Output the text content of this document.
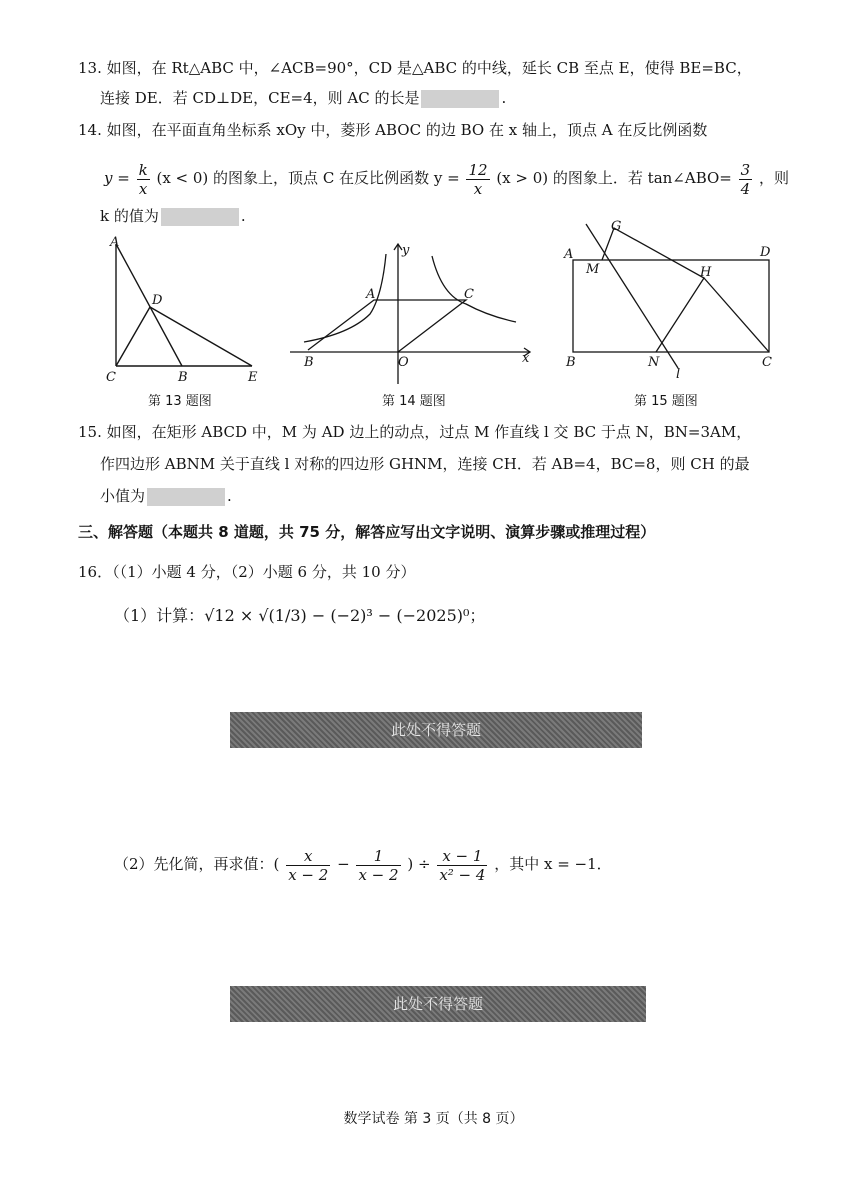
13. 如图，在 Rt△ABC 中，∠ACB=90°，CD 是△ABC 的中线，延长 CB 至点 E，使得 BE=BC，
连接 DE．若 CD⊥DE，CE=4，则 AC 的长是	.
14. 如图，在平面直角坐标系 xOy 中，菱形 ABOC 的边 BO 在 x 轴上，顶点 A 在反比例函数
$y = \frac{k}{x} (x < 0)$ 的图象上，顶点 C 在反比例函数 $y = \frac{12}{x} (x > 0)$ 的图象上．若 tan∠ABO= $\frac{3}{4}$ ，则
k 的值为	.
A
D
C	B	E
第 13 题图
y
A	C
B	O	x
第 14 题图
G
A
M
D
H
B	N
l
C
第 15 题图
15. 如图，在矩形 ABCD 中，M 为 AD 边上的动点，过点 M 作直线 l 交 BC 于点 N，BN=3AM，
作四边形 ABNM 关于直线 l 对称的四边形 GHNM，连接 CH．若 AB=4，BC=8，则 CH 的最
小值为	.
三、解答题（本题共 8 道题，共 75 分，解答应写出文字说明、演算步骤或推理过程）
16．（（1）小题 4 分，（2）小题 6 分，共 10 分）
（1）计算：√12 × √(1/3) − (−2)³ − (−2025)⁰；
此处不得答题
（2）先化简，再求值：( $\frac{x}{x - 2} - \frac{1}{x - 2}$ ) ÷ $\frac{x - 1}{\text{x² − 4}}$ ，其中 x = −1．
此处不得答题
数学试卷 第 3 页（共 8 页）
